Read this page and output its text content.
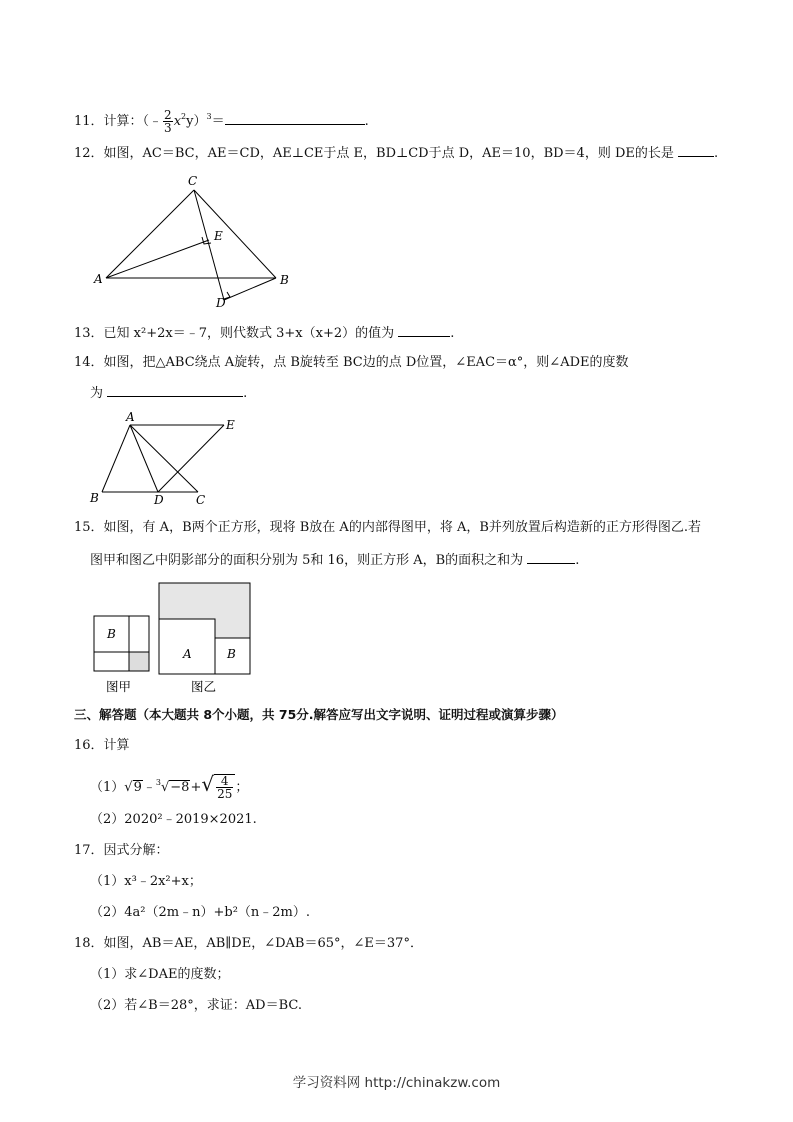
11．计算：（﹣ $\frac{2}{3} x^2y)^3=$	.
12．如图，AC＝BC，AE＝CD，AE⊥CE于点 E，BD⊥CD于点 D，AE＝10，BD＝4，则 DE的长是	.
C
E
A	B
D
13．已知 x²+2x＝﹣7，则代数式 3+x（x+2）的值为	.
14．如图，把△ABC绕点 A旋转，点 B旋转至 BC边的点 D位置，∠EAC＝α°，则∠ADE的度数
为	.
A
E
B	D	C
15．如图，有 A，B两个正方形，现将 B放在 A的内部得图甲，将 A，B并列放置后构造新的正方形得图乙.若
图甲和图乙中阴影部分的面积分别为 5和 16，则正方形 A，B的面积之和为	.
B
A	B
图甲	图乙
三、解答题（本大题共 8个小题，共 75分.解答应写出文字说明、证明过程或演算步骤）
16．计算
（1）√9﹣$^3$√−8+√ $\frac{4}{25}$ ；
（2）2020²﹣2019×2021.
17．因式分解：
（1）x³﹣2x²+x；
（2）4a²（2m﹣n）+b²（n﹣2m）.
18．如图，AB＝AE，AB∥DE，∠DAB＝65°，∠E＝37°．
（1）求∠DAE的度数；
（2）若∠B＝28°，求证：AD＝BC.
学习资料网 http://chinakzw.com
